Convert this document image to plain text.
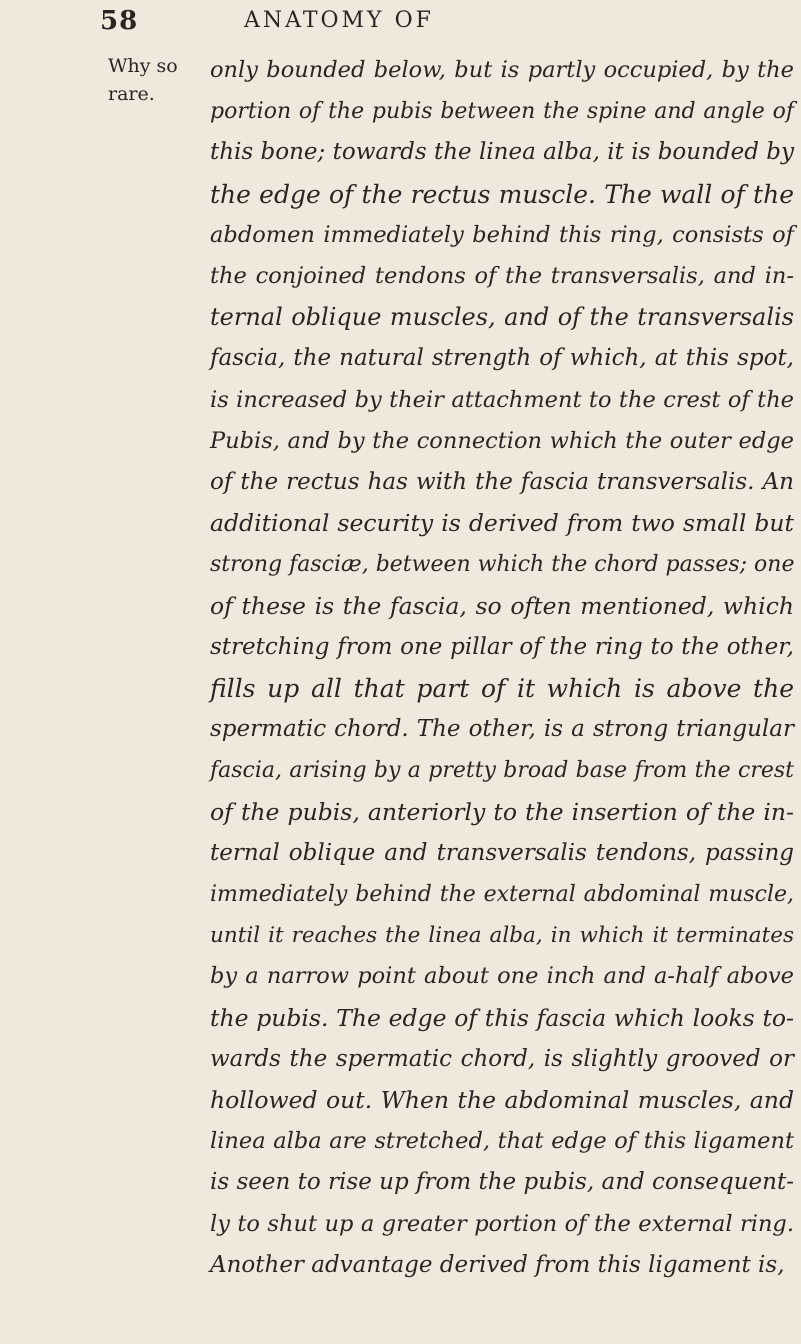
58	ANATOMY OF
Why so
rare.
only bounded below, but is partly occupied, by the
portion of the pubis between the spine and angle of
this bone; towards the linea alba, it is bounded by
the edge of the rectus muscle. The wall of the
abdomen immediately behind this ring, consists of
the conjoined tendons of the transversalis, and in-
ternal oblique muscles, and of the transversalis
fascia, the natural strength of which, at this spot,
is increased by their attachment to the crest of the
Pubis, and by the connection which the outer edge
of the rectus has with the fascia transversalis. An
additional security is derived from two small but
strong fasciæ, between which the chord passes; one
of these is the fascia, so often mentioned, which
stretching from one pillar of the ring to the other,
fills up all that part of it which is above the
spermatic chord. The other, is a strong triangular
fascia, arising by a pretty broad base from the crest
of the pubis, anteriorly to the insertion of the in-
ternal oblique and transversalis tendons, passing
immediately behind the external abdominal muscle,
until it reaches the linea alba, in which it terminates
by a narrow point about one inch and a-half above
the pubis. The edge of this fascia which looks to-
wards the spermatic chord, is slightly grooved or
hollowed out. When the abdominal muscles, and
linea alba are stretched, that edge of this ligament
is seen to rise up from the pubis, and consequent-
ly to shut up a greater portion of the external ring.
Another advantage derived from this ligament is,
